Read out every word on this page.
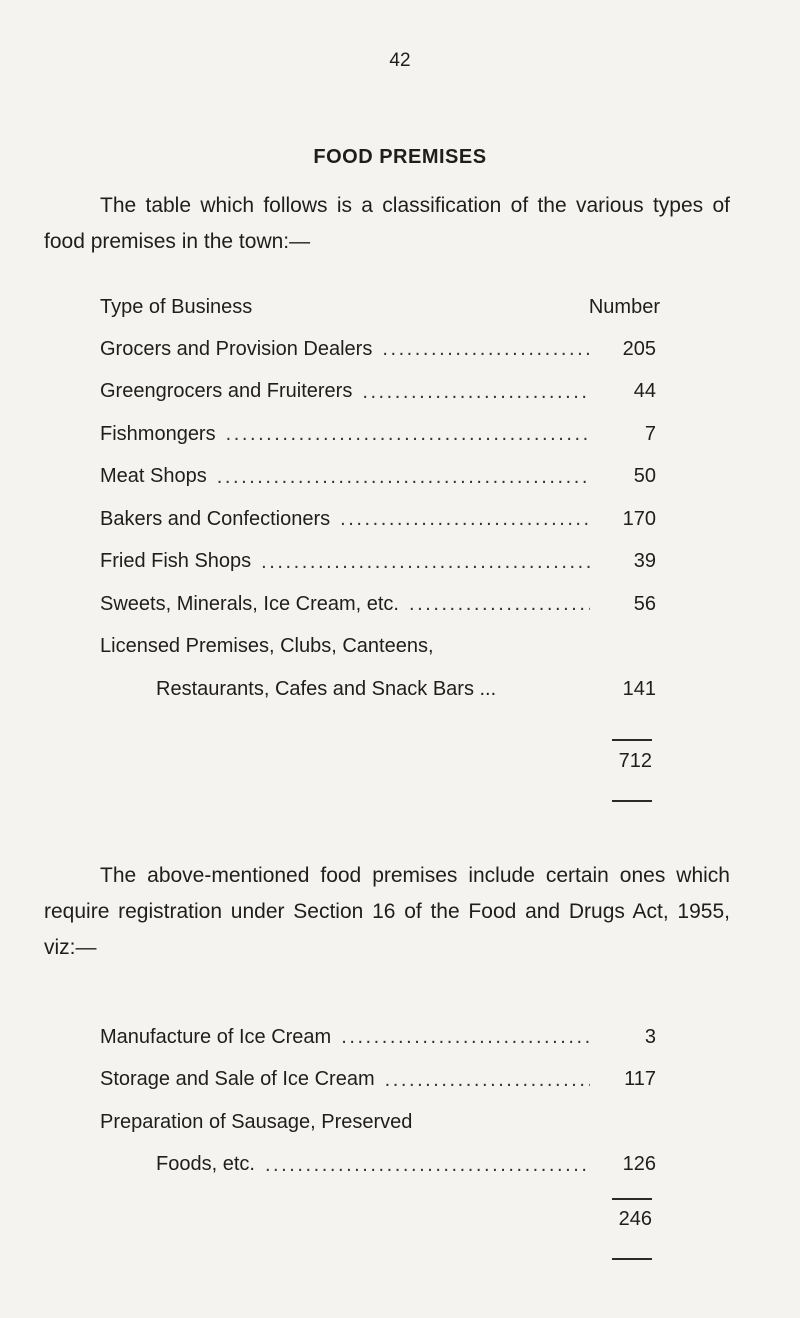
42
FOOD PREMISES

The table which follows is a classification of the various types of food premises in the town:—

Type of Business	Number
Grocers and Provision Dealers . . .	205
Greengrocers and Fruiterers . . .	44
Fishmongers . . .	7
Meat Shops . . .	50
Bakers and Confectioners . . .	170
Fried Fish Shops . . .	39
Sweets, Minerals, Ice Cream, etc. . . .	56
Licensed Premises, Clubs, Canteens,
Restaurants, Cafes and Snack Bars ...	141
712

The above-mentioned food premises include certain ones which require registration under Section 16 of the Food and Drugs Act, 1955, viz:—

Manufacture of Ice Cream . . .	3
Storage and Sale of Ice Cream . . .	117
Preparation of Sausage, Preserved
Foods, etc. . . .	126
246
